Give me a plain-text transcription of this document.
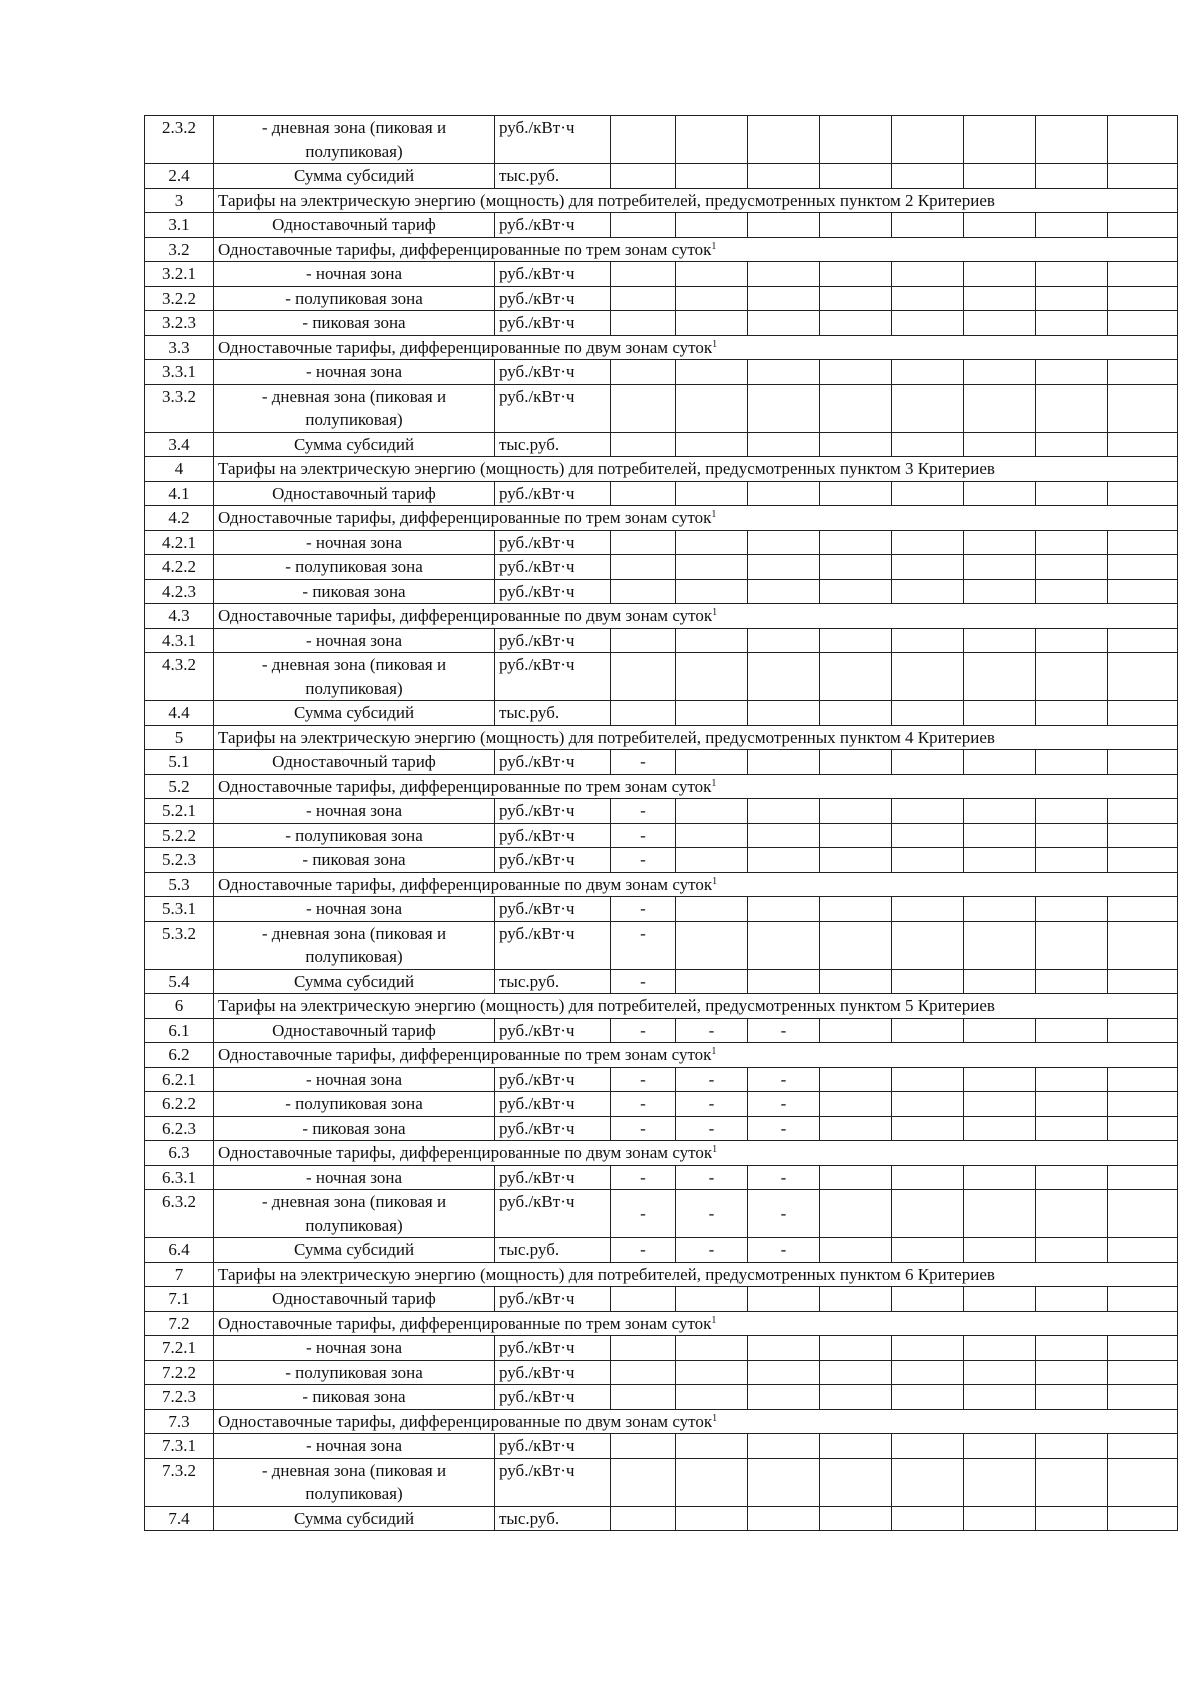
2.3.2	- дневная зона (пиковая и полупиковая)	руб./кВт·ч								
2.4	Сумма субсидий	тыс.руб.								
3	Тарифы на электрическую энергию (мощность) для потребителей, предусмотренных пунктом 2 Критериев									
3.1	Одноставочный тариф	руб./кВт·ч								
3.2	Одноставочные тарифы, дифференцированные по трем зонам суток$^1$
3.2.1	- ночная зона	руб./кВт·ч								
3.2.2	- полупиковая зона	руб./кВт·ч								
3.2.3	- пиковая зона	руб./кВт·ч								
3.3	Одноставочные тарифы, дифференцированные по двум зонам суток$^1$
3.3.1	- ночная зона	руб./кВт·ч								
3.3.2	- дневная зона (пиковая и полупиковая)	руб./кВт·ч								
3.4	Сумма субсидий	тыс.руб.								
4	Тарифы на электрическую энергию (мощность) для потребителей, предусмотренных пунктом 3 Критериев									
4.1	Одноставочный тариф	руб./кВт·ч								
4.2	Одноставочные тарифы, дифференцированные по трем зонам суток$^1$
4.2.1	- ночная зона	руб./кВт·ч								
4.2.2	- полупиковая зона	руб./кВт·ч								
4.2.3	- пиковая зона	руб./кВт·ч								
4.3	Одноставочные тарифы, дифференцированные по двум зонам суток$^1$
4.3.1	- ночная зона	руб./кВт·ч								
4.3.2	- дневная зона (пиковая и полупиковая)	руб./кВт·ч								
4.4	Сумма субсидий	тыс.руб.								
5	Тарифы на электрическую энергию (мощность) для потребителей, предусмотренных пунктом 4 Критериев									
5.1	Одноставочный тариф	руб./кВт·ч	-							
5.2	Одноставочные тарифы, дифференцированные по трем зонам суток$^1$
5.2.1	- ночная зона	руб./кВт·ч	-							
5.2.2	- полупиковая зона	руб./кВт·ч	-							
5.2.3	- пиковая зона	руб./кВт·ч	-							
5.3	Одноставочные тарифы, дифференцированные по двум зонам суток$^1$
5.3.1	- ночная зона	руб./кВт·ч	-							
5.3.2	- дневная зона (пиковая и полупиковая)	руб./кВт·ч	-							
5.4	Сумма субсидий	тыс.руб.	-							
6	Тарифы на электрическую энергию (мощность) для потребителей, предусмотренных пунктом 5 Критериев									
6.1	Одноставочный тариф	руб./кВт·ч	-	-	-					
6.2	Одноставочные тарифы, дифференцированные по трем зонам суток$^1$
6.2.1	- ночная зона	руб./кВт·ч	-	-	-					
6.2.2	- полупиковая зона	руб./кВт·ч	-	-	-					
6.2.3	- пиковая зона	руб./кВт·ч	-	-	-					
6.3	Одноставочные тарифы, дифференцированные по двум зонам суток$^1$
6.3.1	- ночная зона	руб./кВт·ч	-	-	-					
6.3.2	- дневная зона (пиковая и полупиковая)	руб./кВт·ч	-	-	-					
6.4	Сумма субсидий	тыс.руб.	-	-	-					
7	Тарифы на электрическую энергию (мощность) для потребителей, предусмотренных пунктом 6 Критериев									
7.1	Одноставочный тариф	руб./кВт·ч								
7.2	Одноставочные тарифы, дифференцированные по трем зонам суток$^1$
7.2.1	- ночная зона	руб./кВт·ч								
7.2.2	- полупиковая зона	руб./кВт·ч								
7.2.3	- пиковая зона	руб./кВт·ч								
7.3	Одноставочные тарифы, дифференцированные по двум зонам суток$^1$
7.3.1	- ночная зона	руб./кВт·ч								
7.3.2	- дневная зона (пиковая и полупиковая)	руб./кВт·ч								
7.4	Сумма субсидий	тыс.руб.								
